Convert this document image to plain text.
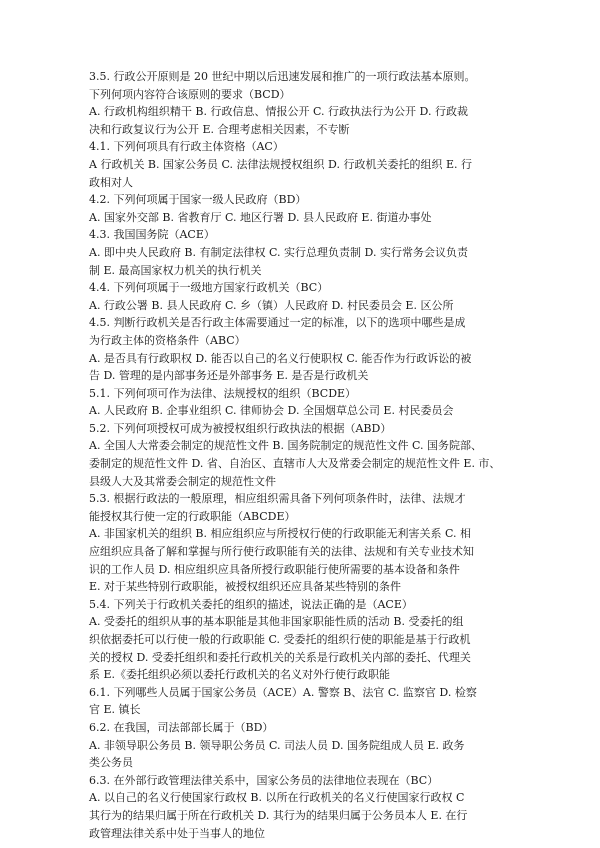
3.5. 行政公开原则是 20 世纪中期以后迅速发展和推广的一项行政法基本原则。
下列何项内容符合该原则的要求（BCD）
A. 行政机构组织精干 B. 行政信息、情报公开 C. 行政执法行为公开 D. 行政裁
决和行政复议行为公开 E. 合理考虑相关因素，不专断
4.1. 下列何项具有行政主体资格（AC）
A 行政机关 B. 国家公务员 C. 法律法规授权组织 D. 行政机关委托的组织 E. 行
政相对人
4.2. 下列何项属于国家一级人民政府（BD）
A. 国家外交部 B. 省教育厅 C. 地区行署 D. 县人民政府 E. 街道办事处
4.3. 我国国务院（ACE）
A. 即中央人民政府 B. 有制定法律权 C. 实行总理负责制 D. 实行常务会议负责
制 E. 最高国家权力机关的执行机关
4.4. 下列何项属于一级地方国家行政机关（BC）
A. 行政公署 B. 县人民政府 C. 乡（镇）人民政府 D. 村民委员会 E. 区公所
4.5. 判断行政机关是否行政主体需要通过一定的标准，以下的选项中哪些是成
为行政主体的资格条件（ABC）
A. 是否具有行政职权 D. 能否以自己的名义行使职权 C. 能否作为行政诉讼的被
告 D. 管理的是内部事务还是外部事务 E. 是否是行政机关
5.1. 下列何项可作为法律、法规授权的组织（BCDE）
A. 人民政府 B. 企事业组织 C. 律师协会 D. 全国烟草总公司 E. 村民委员会
5.2. 下列何项授权可成为被授权组织行政执法的根据（ABD）
A. 全国人大常委会制定的规范性文件 B. 国务院制定的规范性文件 C. 国务院部、
委制定的规范性文件 D. 省、自治区、直辖市人大及常委会制定的规范性文件 E. 市、
县级人大及其常委会制定的规范性文件
5.3. 根据行政法的一般原理，相应组织需具备下列何项条件时，法律、法规才
能授权其行使一定的行政职能（ABCDE）
A. 非国家机关的组织 B. 相应组织应与所授权行使的行政职能无利害关系 C. 相
应组织应具备了解和掌握与所行使行政职能有关的法律、法规和有关专业技术知
识的工作人员 D. 相应组织应具备所授行政职能行使所需要的基本设备和条件
E. 对于某些特别行政职能，被授权组织还应具备某些特别的条件
5.4. 下列关于行政机关委托的组织的描述，说法正确的是（ACE）
A. 受委托的组织从事的基本职能是其他非国家职能性质的活动 B. 受委托的组
织依据委托可以行使一般的行政职能 C. 受委托的组织行使的职能是基于行政机
关的授权 D. 受委托组织和委托行政机关的关系是行政机关内部的委托、代理关
系 E.《委托组织必须以委托行政机关的名义对外行使行政职能
6.1. 下列哪些人员属于国家公务员（ACE）A. 警察 B、法官 C. 监察官 D. 检察
官 E. 镇长
6.2. 在我国，司法部部长属于（BD）
A. 非领导职公务员 B. 领导职公务员 C. 司法人员 D. 国务院组成人员 E. 政务
类公务员
6.3. 在外部行政管理法律关系中，国家公务员的法律地位表现在（BC）
A. 以自己的名义行使国家行政权 B. 以所在行政机关的名义行使国家行政权 C
其行为的结果归属于所在行政机关 D. 其行为的结果归属于公务员本人 E. 在行
政管理法律关系中处于当事人的地位
